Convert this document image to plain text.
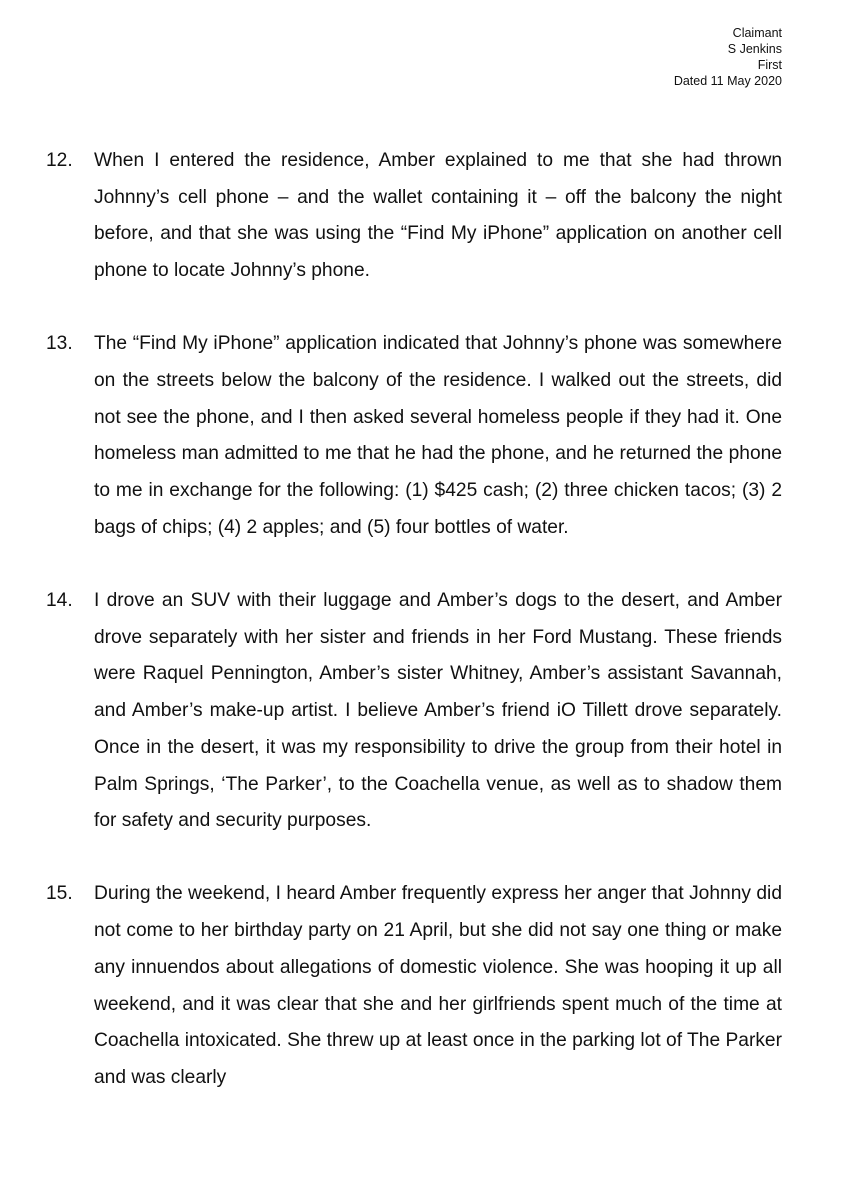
Claimant
S Jenkins
First
Dated 11 May 2020
12. When I entered the residence, Amber explained to me that she had thrown Johnny’s cell phone – and the wallet containing it – off the balcony the night before, and that she was using the “Find My iPhone” application on another cell phone to locate Johnny’s phone.
13. The “Find My iPhone” application indicated that Johnny’s phone was somewhere on the streets below the balcony of the residence. I walked out the streets, did not see the phone, and I then asked several homeless people if they had it. One homeless man admitted to me that he had the phone, and he returned the phone to me in exchange for the following: (1) $425 cash; (2) three chicken tacos; (3) 2 bags of chips; (4) 2 apples; and (5) four bottles of water.
14. I drove an SUV with their luggage and Amber’s dogs to the desert, and Amber drove separately with her sister and friends in her Ford Mustang. These friends were Raquel Pennington, Amber’s sister Whitney, Amber’s assistant Savannah, and Amber’s make-up artist. I believe Amber’s friend iO Tillett drove separately. Once in the desert, it was my responsibility to drive the group from their hotel in Palm Springs, ‘The Parker’, to the Coachella venue, as well as to shadow them for safety and security purposes.
15. During the weekend, I heard Amber frequently express her anger that Johnny did not come to her birthday party on 21 April, but she did not say one thing or make any innuendos about allegations of domestic violence. She was hooping it up all weekend, and it was clear that she and her girlfriends spent much of the time at Coachella intoxicated. She threw up at least once in the parking lot of The Parker and was clearly
